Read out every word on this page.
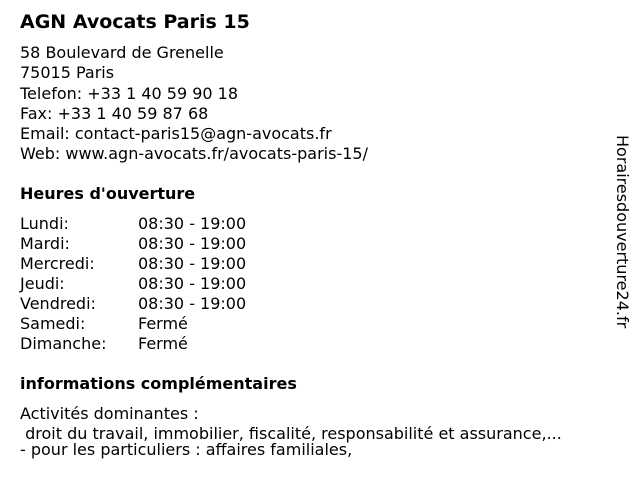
AGN Avocats Paris 15
58 Boulevard de Grenelle
75015 Paris
Telefon: +33 1 40 59 90 18
Fax: +33 1 40 59 87 68
Email: contact-paris15@agn-avocats.fr
Web: www.agn-avocats.fr/avocats-paris-15/
Heures d'ouverture
Lundi:	08:30 - 19:00
Mardi:	08:30 - 19:00
Mercredi:	08:30 - 19:00
Jeudi:	08:30 - 19:00
Vendredi:	08:30 - 19:00
Samedi:	Fermé
Dimanche: Fermé
informations complémentaires
Activités dominantes :
droit du travail, immobilier, fiscalité, responsabilité et assurance,...
- pour les particuliers : affaires familiales,
Horairesdouverture24.fr
